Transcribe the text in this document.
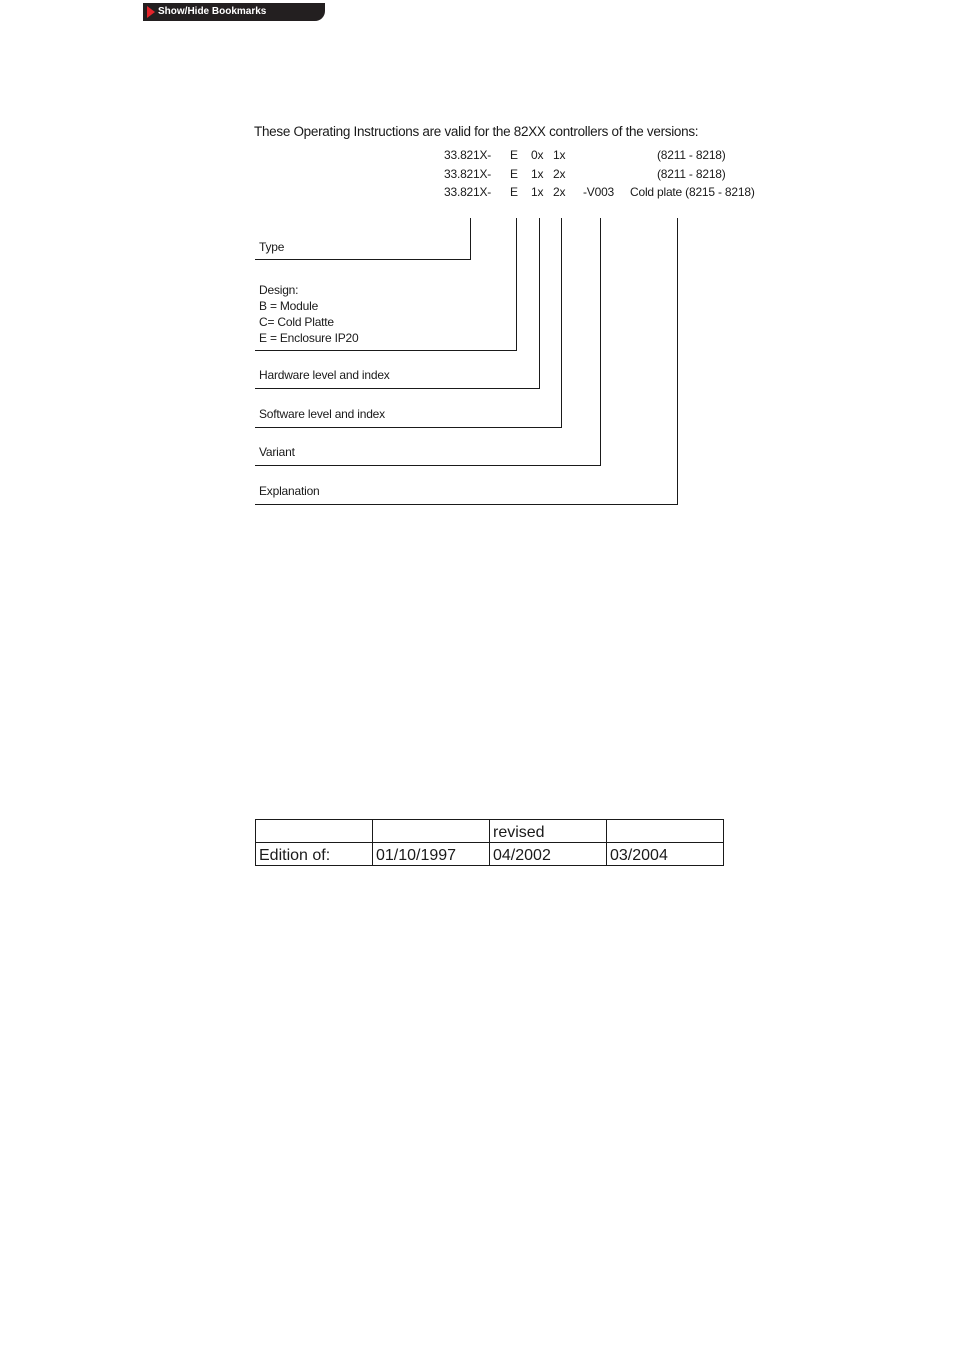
Show/Hide Bookmarks
These Operating Instructions are valid for the 82XX controllers of the versions:
33.821X- E 0x 1x	(8211 - 8218)
33.821X- E 1x 2x	(8211 - 8218)
33.821X- E 1x 2x -V003 Cold plate (8215 - 8218)
Type
Design:
B = Module
C= Cold Platte
E = Enclosure IP20
Hardware level and index
Software level and index
Variant
Explanation
		revised	
Edition of:	01/10/1997	04/2002	03/2004
